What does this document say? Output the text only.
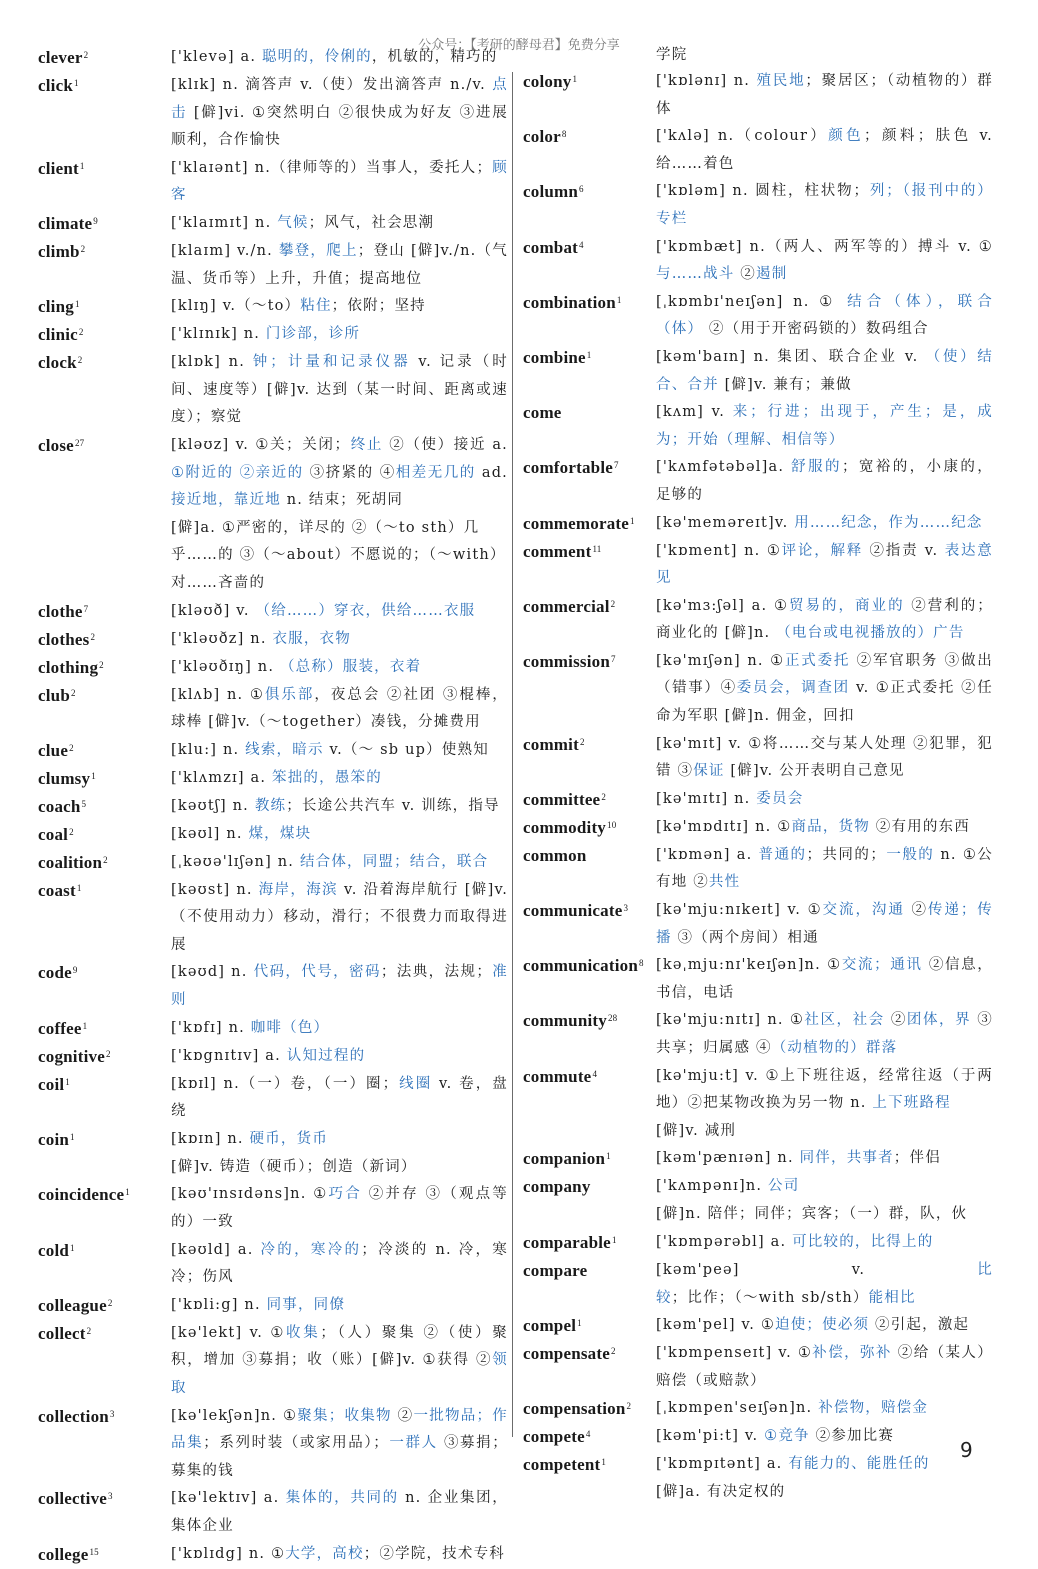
公众号：【考研的酵母君】免费分享
clever$^2$	['klevə] a. 聪明的，伶俐的，机敏的，精巧的
click$^1$	[klɪk] n. 滴答声 v.（使）发出滴答声 n./v. 点击 [僻]vi. ①突然明白 ②很快成为好友 ③进展顺利，合作愉快
client$^1$	['klaɪənt] n.（律师等的）当事人，委托人；顾客
climate$^9$	['klaɪmɪt] n. 气候；风气，社会思潮
climb$^2$	[klaɪm] v./n. 攀登，爬上；登山 [僻]v./n.（气温、货币等）上升，升值；提高地位
cling$^1$	[klɪŋ] v.（～to）粘住；依附；坚持
clinic$^2$	['klɪnɪk] n. 门诊部，诊所
clock$^2$	[klɒk] n. 钟；计量和记录仪器 v. 记录（时间、速度等）[僻]v. 达到（某一时间、距离或速度）；察觉
close$^{27}$	[kləʊz] v. ①关；关闭；终止 ②（使）接近 a. ①附近的 ②亲近的 ③挤紧的 ④相差无几的 ad. 接近地，靠近地 n. 结束；死胡同
[僻]a. ①严密的，详尽的 ②（～to sth）几乎……的 ③（～about）不愿说的；（～with）对……吝啬的
clothe$^7$	[kləʊð] v. （给……）穿衣，供给……衣服
clothes$^2$	['kləʊðz] n. 衣服，衣物
clothing$^2$	['kləʊðɪŋ] n. （总称）服装，衣着
club$^2$	[klʌb] n. ①俱乐部，夜总会 ②社团 ③棍棒，球棒 [僻]v.（～together）凑钱，分摊费用
clue$^2$	[klu:] n. 线索，暗示 v.（～ sb up）使熟知
clumsy$^1$	['klʌmzɪ] a. 笨拙的，愚笨的
coach$^5$	[kəʊtʃ] n. 教练；长途公共汽车 v. 训练，指导
coal$^2$	[kəʊl] n. 煤，煤块
coalition$^2$	[ˌkəʊə'lɪʃən] n. 结合体，同盟；结合，联合
coast$^1$	[kəʊst] n. 海岸，海滨 v. 沿着海岸航行 [僻]v.（不使用动力）移动，滑行；不很费力而取得进展
code$^9$	[kəʊd] n. 代码，代号，密码；法典，法规；准则
coffee$^1$	['kɒfɪ] n. 咖啡（色）
cognitive$^2$	['kɒgnɪtɪv] a. 认知过程的
coil$^1$	[kɒɪl] n.（一）卷，（一）圈；线圈 v. 卷，盘绕
coin$^1$	[kɒɪn] n. 硬币，货币
[僻]v. 铸造（硬币）；创造（新词）
coincidence$^1$	[kəʊ'ɪnsɪdəns]n. ①巧合 ②并存 ③（观点等的）一致
cold$^1$	[kəʊld] a. 冷的，寒冷的；冷淡的 n. 冷，寒冷；伤风
colleague$^2$	['kɒli:g] n. 同事，同僚
collect$^2$	[kə'lekt] v. ①收集；（人）聚集 ②（使）聚积，增加 ③募捐；收（账）[僻]v. ①获得 ②领取
collection$^3$	[kə'lekʃən]n. ①聚集；收集物 ②一批物品；作品集；系列时装（或家用品）；一群人 ③募捐；募集的钱
collective$^3$	[kə'lektɪv] a. 集体的，共同的 n. 企业集团，集体企业
college$^{15}$	['kɒlɪdg] n. ①大学，高校；②学院，技术专科
学院
colony$^1$	['kɒlənɪ] n. 殖民地；聚居区；（动植物的）群体
color$^8$	['kʌlə] n.（colour）颜色；颜料；肤色 v. 给……着色
column$^6$	['kɒləm] n. 圆柱，柱状物；列；（报刊中的）专栏
combat$^4$	['kɒmbæt] n.（两人、两军等的）搏斗 v. ①与……战斗 ②遏制
combination$^1$	[ˌkɒmbɪ'neɪʃən] n. ① 结合（体），联合（体） ②（用于开密码锁的）数码组合
combine$^1$	[kəm'baɪn] n. 集团、联合企业 v. （使）结合、合并 [僻]v. 兼有；兼做
come	[kʌm] v. 来；行进；出现于，产生；是，成为；开始（理解、相信等）
comfortable$^7$	['kʌmfətəbəl]a. 舒服的；宽裕的，小康的，足够的
commemorate$^1$	[kə'meməreɪt]v. 用……纪念，作为……纪念
comment$^{11}$	['kɒment] n. ①评论，解释 ②指责 v. 表达意见
commercial$^2$	[kə'mɜ:ʃəl] a. ①贸易的，商业的 ②营利的；商业化的 [僻]n. （电台或电视播放的）广告
commission$^7$	[kə'mɪʃən] n. ①正式委托 ②军官职务 ③做出（错事）④委员会，调查团 v. ①正式委托 ②任命为军职 [僻]n. 佣金，回扣
commit$^2$	[kə'mɪt] v. ①将……交与某人处理 ②犯罪，犯错 ③保证 [僻]v. 公开表明自己意见
committee$^2$	[kə'mɪtɪ] n. 委员会
commodity$^{10}$	[kə'mɒdɪtɪ] n. ①商品，货物 ②有用的东西
common	['kɒmən] a. 普通的；共同的；一般的 n. ①公有地 ②共性
communicate$^3$	[kə'mju:nɪkeɪt] v. ①交流，沟通 ②传递；传播 ③（两个房间）相通
communication$^8$ [kəˌmju:nɪ'keɪʃən]n. ①交流；通讯 ②信息，书信，电话
community$^{28}$	[kə'mju:nɪtɪ] n. ①社区，社会 ②团体，界 ③共享；归属感 ④（动植物的）群落
commute$^4$	[kə'mju:t] v. ①上下班往返，经常往返（于两地）②把某物改换为另一物 n. 上下班路程
[僻]v. 减刑
companion$^1$	[kəm'pænɪən] n. 同伴，共事者；伴侣
company	['kʌmpənɪ]n. 公司
[僻]n. 陪伴；同伴；宾客；（一）群，队，伙
comparable$^1$	['kɒmpərəbl] a. 可比较的，比得上的
compare	[kəm'peə] v. 比较；比作；（～with sb/sth）能相比
compel$^1$	[kəm'pel] v. ①迫使；使必须 ②引起，激起
compensate$^2$	['kɒmpenseɪt] v. ①补偿，弥补 ②给（某人）赔偿（或赔款）
compensation$^2$	[ˌkɒmpen'seɪʃən]n. 补偿物，赔偿金
compete$^4$	[kəm'pi:t] v. ①竞争 ②参加比赛
competent$^1$	['kɒmpɪtənt] a. 有能力的、能胜任的
[僻]a. 有决定权的
9
